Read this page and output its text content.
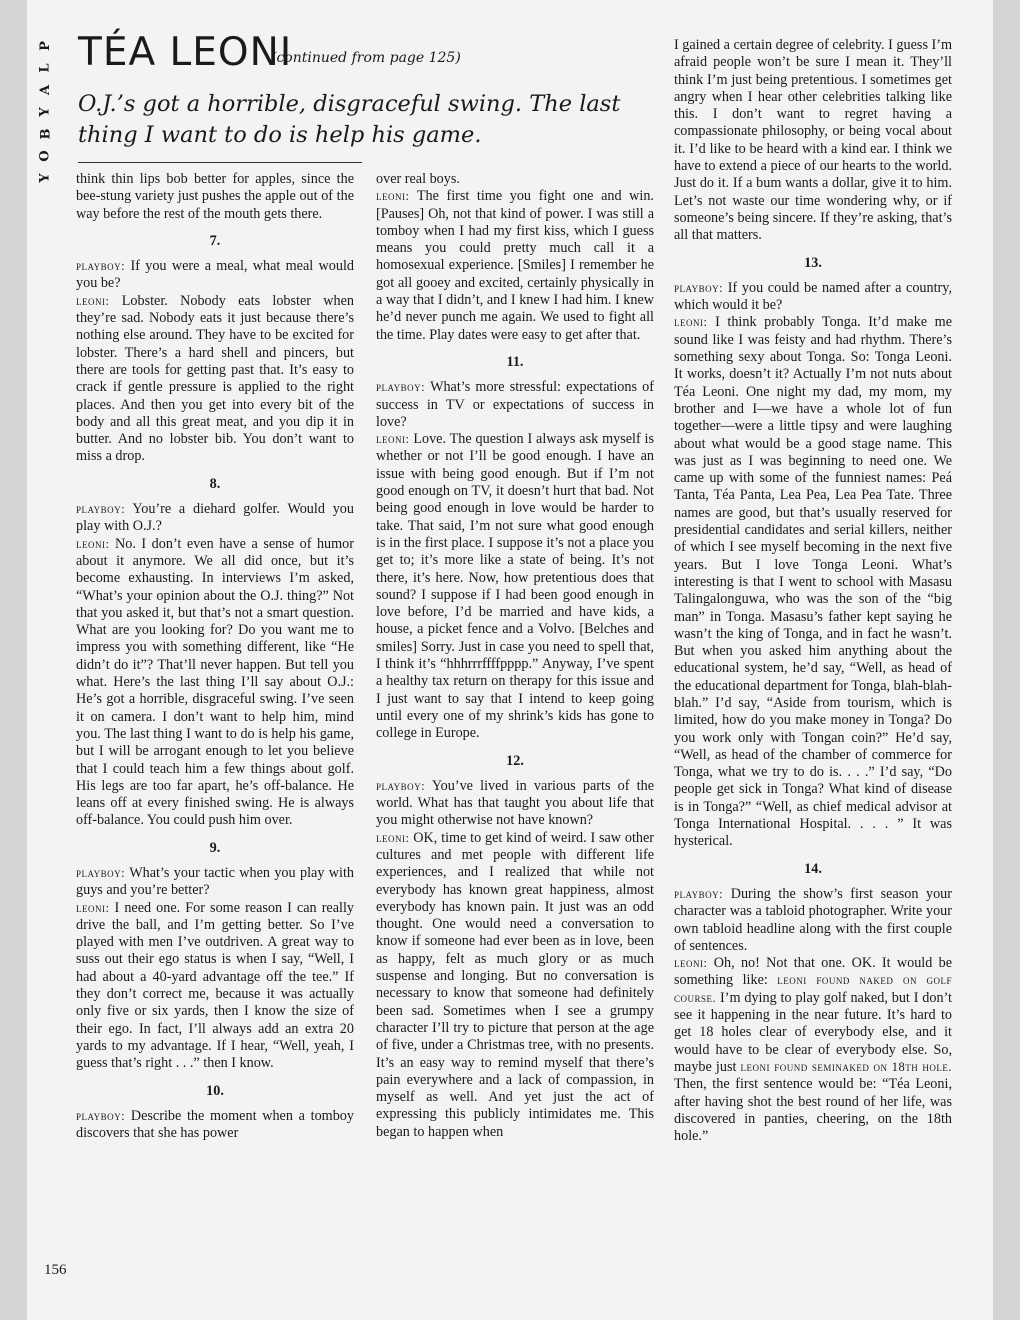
P
L
A
Y
B
O
Y
TÉA LEONI
(continued from page 125)
O.J.’s got a horrible, disgraceful swing. The last thing I want to do is help his game.

think thin lips bob better for apples, since the bee-stung variety just pushes the apple out of the way before the rest of the mouth gets there.

7.

playboy: If you were a meal, what meal would you be?

leoni: Lobster. Nobody eats lobster when they’re sad. Nobody eats it just because there’s nothing else around. They have to be excited for lobster. There’s a hard shell and pincers, but there are tools for getting past that. It’s easy to crack if gentle pressure is applied to the right places. And then you get into every bit of the body and all this great meat, and you dip it in butter. And no lobster bib. You don’t want to miss a drop.

8.

playboy: You’re a diehard golfer. Would you play with O.J.?

leoni: No. I don’t even have a sense of humor about it anymore. We all did once, but it’s become exhausting. In interviews I’m asked, “What’s your opinion about the O.J. thing?” Not that you asked it, but that’s not a smart question. What are you looking for? Do you want me to impress you with something different, like “He didn’t do it”? That’ll never happen. But tell you what. Here’s the last thing I’ll say about O.J.: He’s got a horrible, disgraceful swing. I’ve seen it on camera. I don’t want to help him, mind you. The last thing I want to do is help his game, but I will be arrogant enough to let you believe that I could teach him a few things about golf. His legs are too far apart, he’s off-balance. He leans off at every finished swing. He is always off-balance. You could push him over.

9.

playboy: What’s your tactic when you play with guys and you’re better?

leoni: I need one. For some reason I can really drive the ball, and I’m getting better. So I’ve played with men I’ve outdriven. A great way to suss out their ego status is when I say, “Well, I had about a 40-yard advantage off the tee.” If they don’t correct me, because it was actually only five or six yards, then I know the size of their ego. In fact, I’ll always add an extra 20 yards to my advantage. If I hear, “Well, yeah, I guess that’s right . . .” then I know.

10.

playboy: Describe the moment when a tomboy discovers that she has power

over real boys.

leoni: The first time you fight one and win. [Pauses] Oh, not that kind of power. I was still a tomboy when I had my first kiss, which I guess means you could pretty much call it a homosexual experience. [Smiles] I remember he got all gooey and excited, certainly physically in a way that I didn’t, and I knew I had him. I knew he’d never punch me again. We used to fight all the time. Play dates were easy to get after that.

11.

playboy: What’s more stressful: expectations of success in TV or expectations of success in love?

leoni: Love. The question I always ask myself is whether or not I’ll be good enough. I have an issue with being good enough. But if I’m not good enough on TV, it doesn’t hurt that bad. Not being good enough in love would be harder to take. That said, I’m not sure what good enough is in the first place. I suppose it’s not a place you get to; it’s more like a state of being. It’s not there, it’s here. Now, how pretentious does that sound? I suppose if I had been good enough in love before, I’d be married and have kids, a house, a picket fence and a Volvo. [Belches and smiles] Sorry. Just in case you need to spell that, I think it’s “hhhrrrffffpppp.” Anyway, I’ve spent a healthy tax return on therapy for this issue and I just want to say that I intend to keep going until every one of my shrink’s kids has gone to college in Europe.

12.

playboy: You’ve lived in various parts of the world. What has that taught you about life that you might otherwise not have known?

leoni: OK, time to get kind of weird. I saw other cultures and met people with different life experiences, and I realized that while not everybody has known great happiness, almost everybody has known pain. It just was an odd thought. One would need a conversation to know if someone had ever been as in love, been as happy, felt as much glory or as much suspense and longing. But no conversation is necessary to know that someone had definitely been sad. Sometimes when I see a grumpy character I’ll try to picture that person at the age of five, under a Christmas tree, with no presents. It’s an easy way to remind myself that there’s pain everywhere and a lack of compassion, in myself as well. And yet just the act of expressing this publicly intimidates me. This began to happen when

I gained a certain degree of celebrity. I guess I’m afraid people won’t be sure I mean it. They’ll think I’m just being pretentious. I sometimes get angry when I hear other celebrities talking like this. I don’t want to regret having a compassionate philosophy, or being vocal about it. I’d like to be heard with a kind ear. I think we have to extend a piece of our hearts to the world. Just do it. If a bum wants a dollar, give it to him. Let’s not waste our time wondering why, or if someone’s being sincere. If they’re asking, that’s all that matters.

13.

playboy: If you could be named after a country, which would it be?

leoni: I think probably Tonga. It’d make me sound like I was feisty and had rhythm. There’s something sexy about Tonga. So: Tonga Leoni. It works, doesn’t it? Actually I’m not nuts about Téa Leoni. One night my dad, my mom, my brother and I—we have a whole lot of fun together—were a little tipsy and were laughing about what would be a good stage name. This was just as I was beginning to need one. We came up with some of the funniest names: Peá Tanta, Téa Panta, Lea Pea, Lea Pea Tate. Three names are good, but that’s usually reserved for presidential candidates and serial killers, neither of which I see myself becoming in the next five years. But I love Tonga Leoni. What’s interesting is that I went to school with Masasu Talingalonguwa, who was the son of the “big man” in Tonga. Masasu’s father kept saying he wasn’t the king of Tonga, and in fact he wasn’t. But when you asked him anything about the educational system, he’d say, “Well, as head of the educational department for Tonga, blah-blah-blah.” I’d say, “Aside from tourism, which is limited, how do you make money in Tonga? Do you work only with Tongan coin?” He’d say, “Well, as head of the chamber of commerce for Tonga, what we try to do is. . . .” I’d say, “Do people get sick in Tonga? What kind of disease is in Tonga?” “Well, as chief medical advisor at Tonga International Hospital. . . . ” It was hysterical.

14.

playboy: During the show’s first season your character was a tabloid photographer. Write your own tabloid headline along with the first couple of sentences.

leoni: Oh, no! Not that one. OK. It would be something like: leoni found naked on golf course. I’m dying to play golf naked, but I don’t see it happening in the near future. It’s hard to get 18 holes clear of everybody else, and it would have to be clear of everybody else. So, maybe just leoni found seminaked on 18th hole. Then, the first sentence would be: “Téa Leoni, after having shot the best round of her life, was discovered in panties, cheering, on the 18th hole.”

156
